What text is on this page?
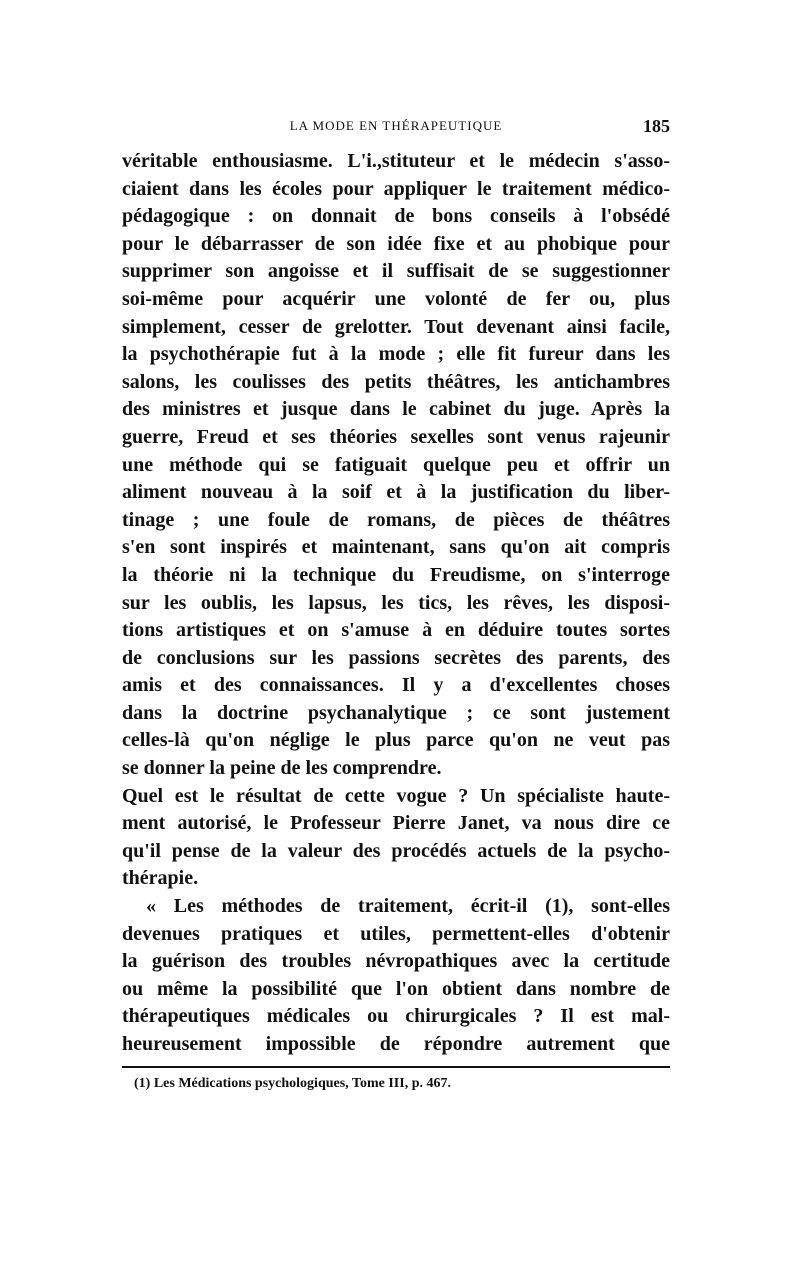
LA MODE EN THÉRAPEUTIQUE	185
véritable enthousiasme. L'i.,stituteur et le médecin s'asso-
ciaient dans les écoles pour appliquer le traitement médico-
pédagogique : on donnait de bons conseils à l'obsédé
pour le débarrasser de son idée fixe et au phobique pour
supprimer son angoisse et il suffisait de se suggestionner
soi-même pour acquérir une volonté de fer ou, plus
simplement, cesser de grelotter. Tout devenant ainsi facile,
la psychothérapie fut à la mode ; elle fit fureur dans les
salons, les coulisses des petits théâtres, les antichambres
des ministres et jusque dans le cabinet du juge. Après la
guerre, Freud et ses théories sexelles sont venus rajeunir
une méthode qui se fatiguait quelque peu et offrir un
aliment nouveau à la soif et à la justification du liber-
tinage ; une foule de romans, de pièces de théâtres
s'en sont inspirés et maintenant, sans qu'on ait compris
la théorie ni la technique du Freudisme, on s'interroge
sur les oublis, les lapsus, les tics, les rêves, les disposi-
tions artistiques et on s'amuse à en déduire toutes sortes
de conclusions sur les passions secrètes des parents, des
amis et des connaissances. Il y a d'excellentes choses
dans la doctrine psychanalytique ; ce sont justement
celles-là qu'on néglige le plus parce qu'on ne veut pas
se donner la peine de les comprendre.
Quel est le résultat de cette vogue ? Un spécialiste haute-
ment autorisé, le Professeur Pierre Janet, va nous dire ce
qu'il pense de la valeur des procédés actuels de la psycho-
thérapie.
« Les méthodes de traitement, écrit-il (1), sont-elles
devenues pratiques et utiles, permettent-elles d'obtenir
la guérison des troubles névropathiques avec la certitude
ou même la possibilité que l'on obtient dans nombre de
thérapeutiques médicales ou chirurgicales ? Il est mal-
heureusement impossible de répondre autrement que
(1) Les Médications psychologiques, Tome III, p. 467.
